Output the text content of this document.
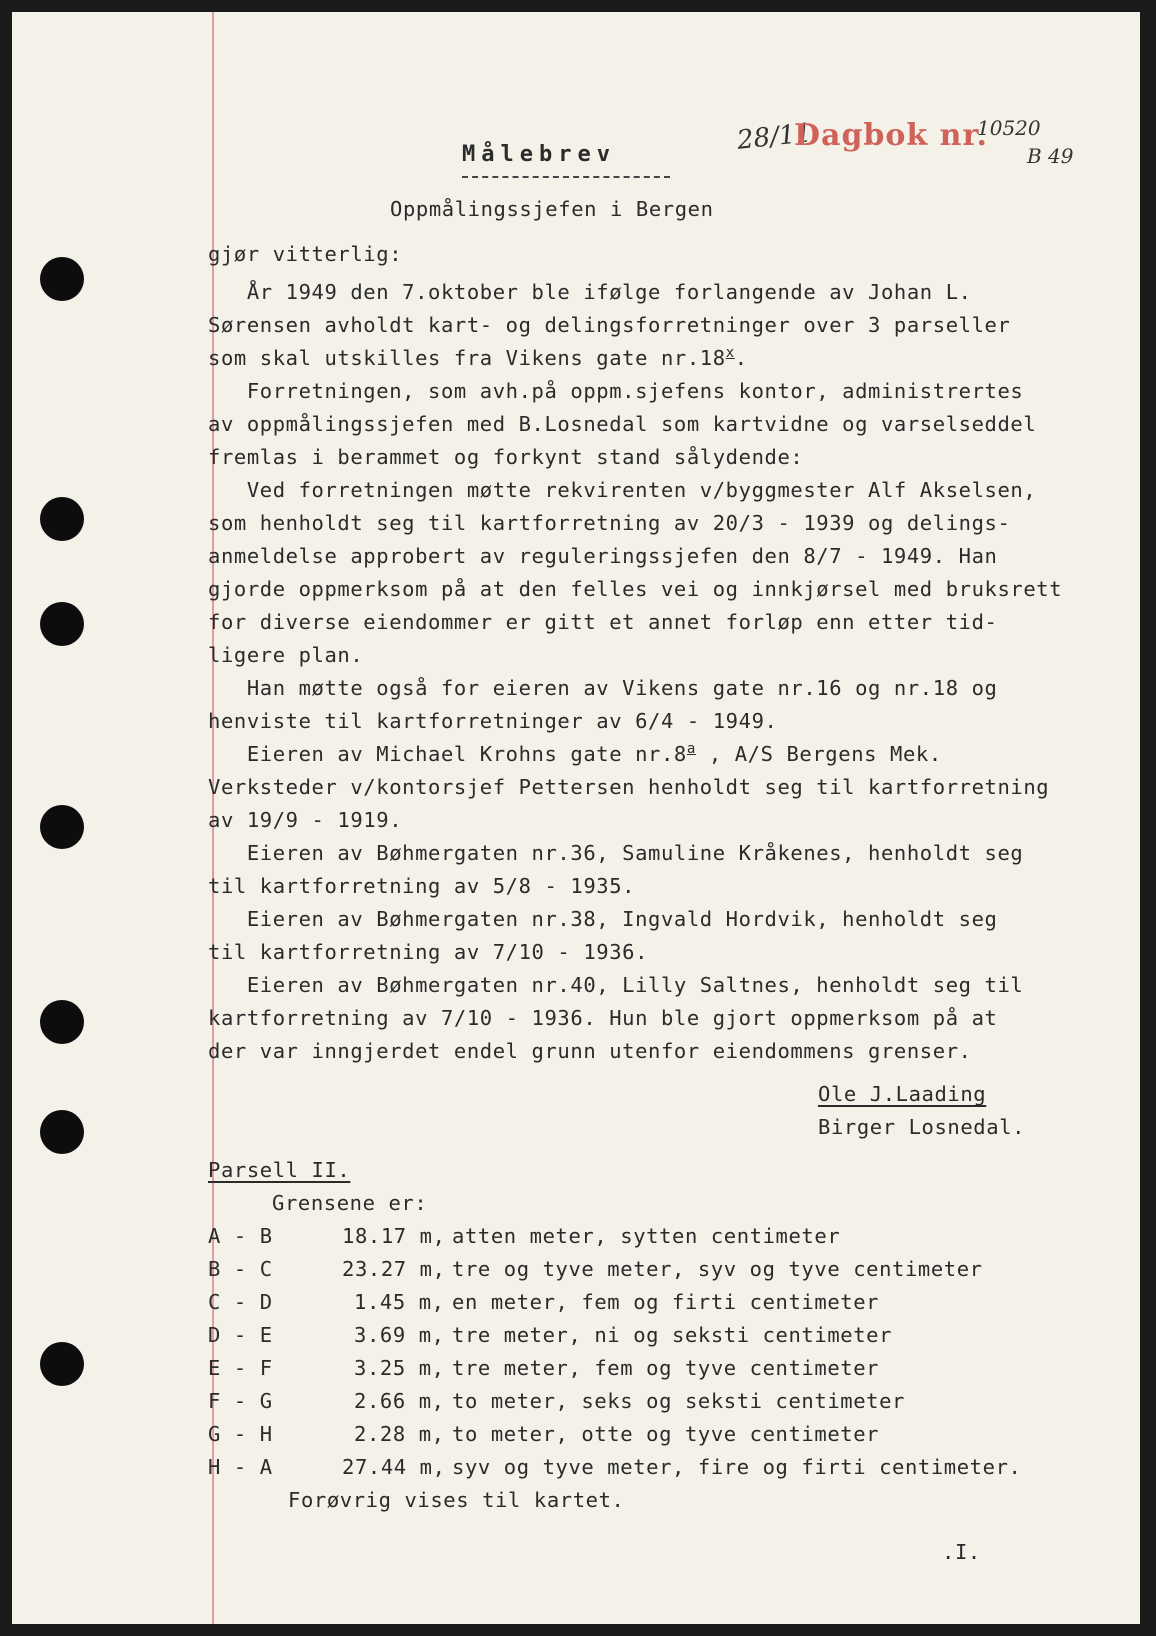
Målebrev	28/11
Dagbok nr.
10520
B 49
Oppmålingssjefen i Bergen
gjør vitterlig:
År 1949 den 7.oktober ble ifølge forlangende av Johan L.
Sørensen avholdt kart- og delingsforretninger over 3 parseller
som skal utskilles fra Vikens gate nr.18$^x$.
Forretningen, som avh.på oppm.sjefens kontor, administrertes
av oppmålingssjefen med B.Losnedal som kartvidne og varselseddel
fremlas i berammet og forkynt stand sålydende:
Ved forretningen møtte rekvirenten v/byggmester Alf Akselsen,
som henholdt seg til kartforretning av 20/3 - 1939 og delings-
anmeldelse approbert av reguleringssjefen den 8/7 - 1949. Han
gjorde oppmerksom på at den felles vei og innkjørsel med bruksrett
for diverse eiendommer er gitt et annet forløp enn etter tid-
ligere plan.
Han møtte også for eieren av Vikens gate nr.16 og nr.18 og
henviste til kartforretninger av 6/4 - 1949.
Eieren av Michael Krohns gate nr.8$^a$ , A/S Bergens Mek.
Verksteder v/kontorsjef Pettersen henholdt seg til kartforretning
av 19/9 - 1919.
Eieren av Bøhmergaten nr.36, Samuline Kråkenes, henholdt seg
til kartforretning av 5/8 - 1935.
Eieren av Bøhmergaten nr.38, Ingvald Hordvik, henholdt seg
til kartforretning av 7/10 - 1936.
Eieren av Bøhmergaten nr.40, Lilly Saltnes, henholdt seg til
kartforretning av 7/10 - 1936. Hun ble gjort oppmerksom på at
der var inngjerdet endel grunn utenfor eiendommens grenser.
Ole J.Laading
Birger Losnedal.
Parsell II.
Grensene er:
A - B	18.17 m, atten meter, sytten centimeter
B - C	23.27 m, tre og tyve meter, syv og tyve centimeter
C - D	1.45 m, en meter, fem og firti centimeter
D - E	3.69 m, tre meter, ni og seksti centimeter
E - F	3.25 m, tre meter, fem og tyve centimeter
F - G	2.66 m, to meter, seks og seksti centimeter
G - H	2.28 m, to meter, otte og tyve centimeter
H - A	27.44 m, syv og tyve meter, fire og firti centimeter.
Forøvrig vises til kartet.
.I.
